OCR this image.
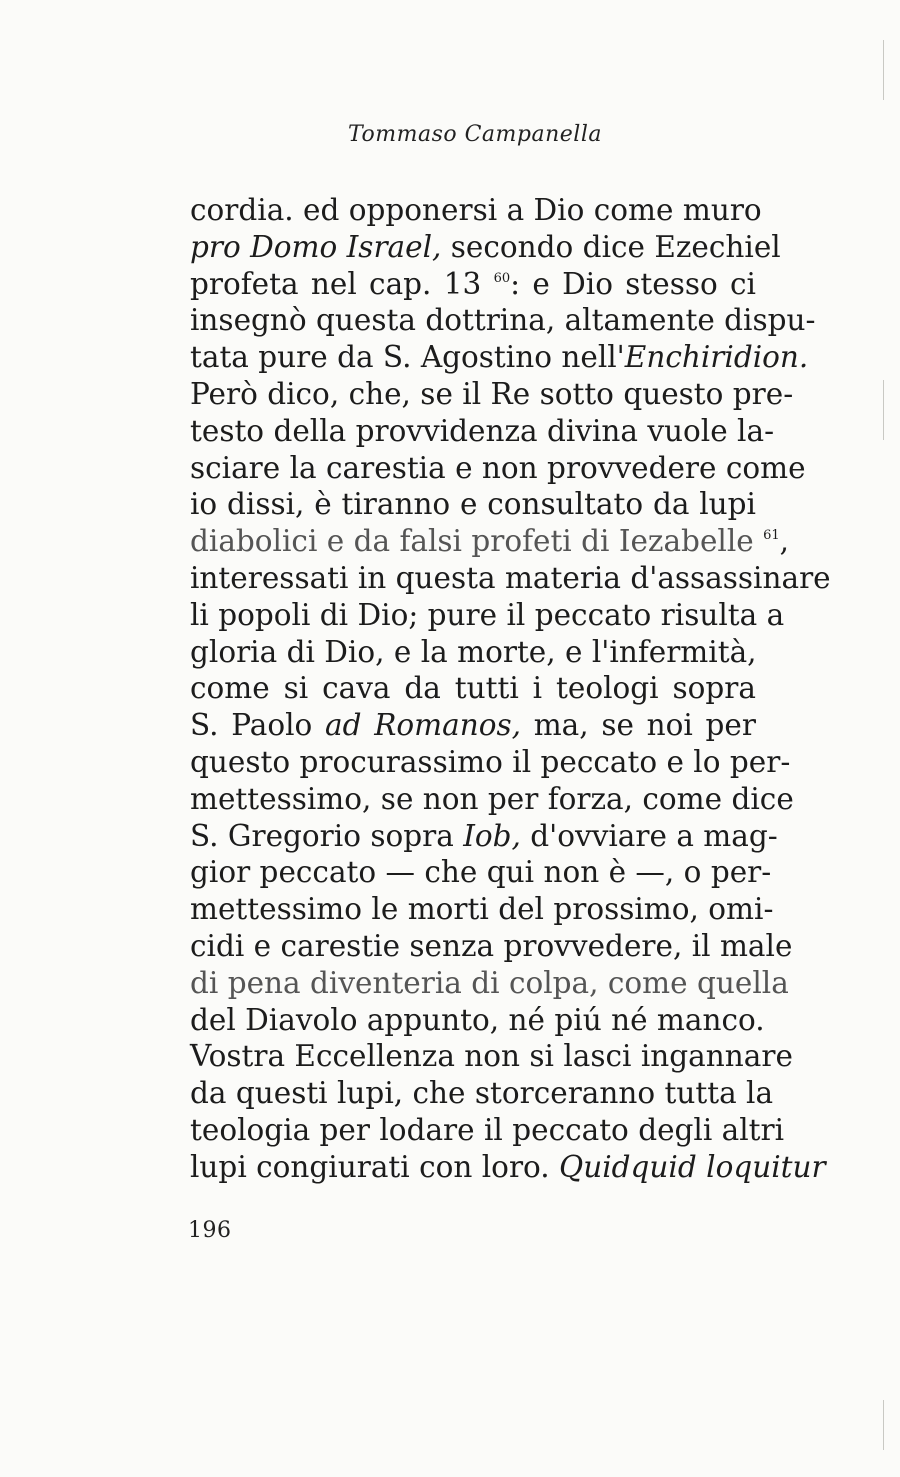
Tommaso Campanella
cordia. ed opponersi a Dio come muro
pro Domo Israel, secondo dice Ezechiel
profeta nel cap. 13 $^{60}$: e Dio stesso ci
insegnò questa dottrina, altamente dispu-
tata pure da S. Agostino nell'Enchiridion.
Però dico, che, se il Re sotto questo pre-
testo della provvidenza divina vuole la-
sciare la carestia e non provvedere come
io dissi, è tiranno e consultato da lupi
diabolici e da falsi profeti di Iezabelle $^{61}$,
interessati in questa materia d'assassinare
li popoli di Dio; pure il peccato risulta a
gloria di Dio, e la morte, e l'infermità,
come si cava da tutti i teologi sopra
S. Paolo ad Romanos, ma, se noi per
questo procurassimo il peccato e lo per-
mettessimo, se non per forza, come dice
S. Gregorio sopra Iob, d'ovviare a mag-
gior peccato — che qui non è —, o per-
mettessimo le morti del prossimo, omi-
cidi e carestie senza provvedere, il male
di pena diventeria di colpa, come quella
del Diavolo appunto, né piú né manco.
Vostra Eccellenza non si lasci ingannare
da questi lupi, che storceranno tutta la
teologia per lodare il peccato degli altri
lupi congiurati con loro. Quidquid loquitur
196
